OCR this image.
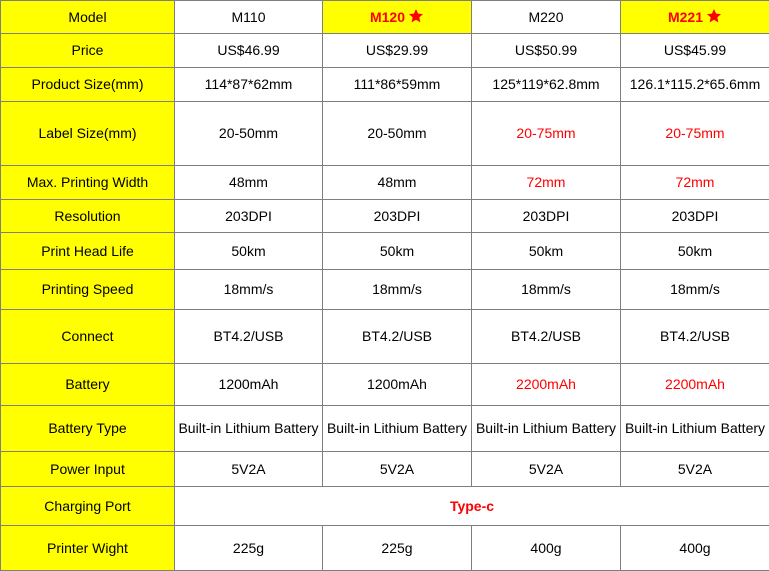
Model	M110	M120	M220	M221
Price	US$46.99	US$29.99	US$50.99	US$45.99
Product Size(mm)	114*87*62mm	111*86*59mm	125*119*62.8mm	126.1*115.2*65.6mm
Label Size(mm)	20-50mm	20-50mm	20-75mm	20-75mm
Max. Printing Width	48mm	48mm	72mm	72mm
Resolution	203DPI	203DPI	203DPI	203DPI
Print Head Life	50km	50km	50km	50km
Printing Speed	18mm/s	18mm/s	18mm/s	18mm/s
Connect	BT4.2/USB	BT4.2/USB	BT4.2/USB	BT4.2/USB
Battery	1200mAh	1200mAh	2200mAh	2200mAh
Battery Type	Built-in Lithium Battery	Built-in Lithium Battery	Built-in Lithium Battery	Built-in Lithium Battery
Power Input	5V2A	5V2A	5V2A	5V2A
Charging Port	Type-c			
Printer Wight	225g	225g	400g	400g
